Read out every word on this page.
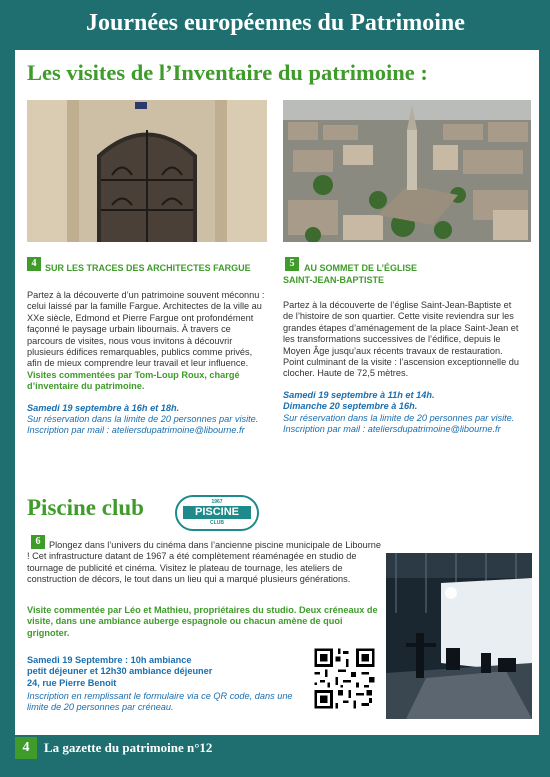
Journées européennes du Patrimoine
Les visites de l’Inventaire du patrimoine :
4 SUR LES TRACES DES ARCHITECTES FARGUE
Partez à la découverte d’un patrimoine souvent méconnu : celui laissé par la famille Fargue. Architectes de la ville au XXe siècle, Edmond et Pierre Fargue ont profondément façonné le paysage urbain libournais. À travers ce parcours de visites, nous vous invitons à découvrir plusieurs édifices remarquables, publics comme privés, afin de mieux comprendre leur travail et leur influence.
Visites commentées par Tom-Loup Roux, chargé d’inventaire du patrimoine.
Samedi 19 septembre à 16h et 18h.
Sur réservation dans la limite de 20 personnes par visite. Inscription par mail : ateliersdupatrimoine@libourne.fr
5	AU SOMMET DE L’ÉGLISE
SAINT-JEAN-BAPTISTE
Partez à la découverte de l’église Saint-Jean-Baptiste et de l’histoire de son quartier. Cette visite reviendra sur les grandes étapes d’aménagement de la place Saint-Jean et les transformations successives de l’édifice, depuis le Moyen Âge jusqu’aux récents travaux de restauration. Point culminant de la visite : l’ascension exceptionnelle du clocher. Haute de 72,5 mètres.
Samedi 19 septembre à 11h et 14h.
Dimanche 20 septembre à 16h.
Sur réservation dans la limite de 20 personnes par visite. Inscription par mail : ateliersdupatrimoine@libourne.fr
Piscine club	1967
PISCINE
CLUB
6 Plongez dans l’univers du cinéma dans l’ancienne piscine municipale de Libourne ! Cet infrastructure datant de 1967 a été complètement réaménagée en studio de tournage de publicité et cinéma. Visitez le plateau de tournage, les ateliers de construction de décors, le tout dans un lieu qui a marqué plusieurs générations.
Visite commentée par Léo et Mathieu, propriétaires du studio. Deux créneaux de visite, dans une ambiance auberge espagnole ou chacun amène de quoi grignoter.
Samedi 19 Septembre : 10h ambiance
petit déjeuner et 12h30 ambiance déjeuner
24, rue Pierre Benoit
Inscription en remplissant le formulaire via ce QR code, dans une limite de 20 personnes par créneau.
4	La gazette du patrimoine n°12
